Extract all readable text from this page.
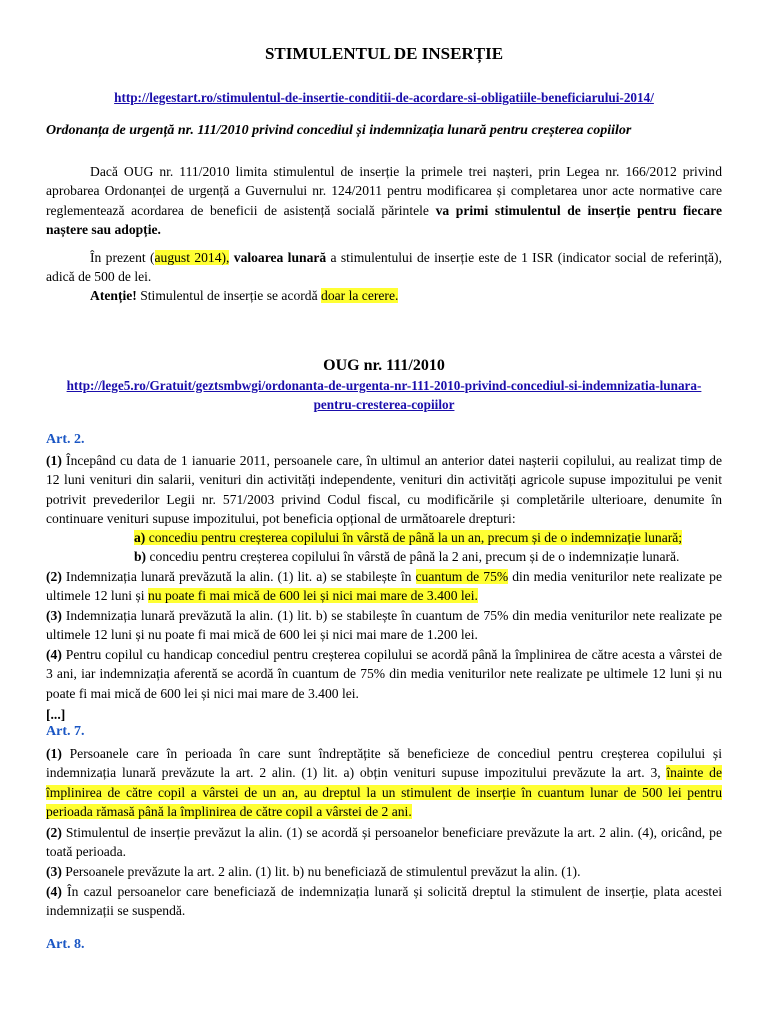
STIMULENTUL DE INSERȚIE
http://legestart.ro/stimulentul-de-insertie-conditii-de-acordare-si-obligatiile-beneficiarului-2014/
Ordonanța de urgență nr. 111/2010 privind concediul și indemnizația lunară pentru creșterea copiilor
Dacă OUG nr. 111/2010 limita stimulentul de inserție la primele trei nașteri, prin Legea nr. 166/2012 privind aprobarea Ordonanței de urgență a Guvernului nr. 124/2011 pentru modificarea și completarea unor acte normative care reglementează acordarea de beneficii de asistență socială părintele va primi stimulentul de inserție pentru fiecare naștere sau adopție.
În prezent (august 2014), valoarea lunară a stimulentului de inserție este de 1 ISR (indicator social de referință), adică de 500 de lei.
Atenție! Stimulentul de inserție se acordă doar la cerere.
OUG nr. 111/2010
http://lege5.ro/Gratuit/geztsmbwgi/ordonanta-de-urgenta-nr-111-2010-privind-concediul-si-indemnizatia-lunara-pentru-cresterea-copiilor
Art. 2.
(1) Începând cu data de 1 ianuarie 2011, persoanele care, în ultimul an anterior datei nașterii copilului, au realizat timp de 12 luni venituri din salarii, venituri din activități independente, venituri din activități agricole supuse impozitului pe venit potrivit prevederilor Legii nr. 571/2003 privind Codul fiscal, cu modificările și completările ulterioare, denumite în continuare venituri supuse impozitului, pot beneficia opțional de următoarele drepturi:
a) concediu pentru creșterea copilului în vârstă de până la un an, precum și de o indemnizație lunară;
b) concediu pentru creșterea copilului în vârstă de până la 2 ani, precum și de o indemnizație lunară.
(2) Indemnizația lunară prevăzută la alin. (1) lit. a) se stabilește în cuantum de 75% din media veniturilor nete realizate pe ultimele 12 luni și nu poate fi mai mică de 600 lei și nici mai mare de 3.400 lei.
(3) Indemnizația lunară prevăzută la alin. (1) lit. b) se stabilește în cuantum de 75% din media veniturilor nete realizate pe ultimele 12 luni și nu poate fi mai mică de 600 lei și nici mai mare de 1.200 lei.
(4) Pentru copilul cu handicap concediul pentru creșterea copilului se acordă până la împlinirea de către acesta a vârstei de 3 ani, iar indemnizația aferentă se acordă în cuantum de 75% din media veniturilor nete realizate pe ultimele 12 luni și nu poate fi mai mică de 600 lei și nici mai mare de 3.400 lei.
[...]
Art. 7.
(1) Persoanele care în perioada în care sunt îndreptățite să beneficieze de concediul pentru creșterea copilului și indemnizația lunară prevăzute la art. 2 alin. (1) lit. a) obțin venituri supuse impozitului prevăzute la art. 3, înainte de împlinirea de către copil a vârstei de un an, au dreptul la un stimulent de inserție în cuantum lunar de 500 lei pentru perioada rămasă până la împlinirea de către copil a vârstei de 2 ani.
(2) Stimulentul de inserție prevăzut la alin. (1) se acordă și persoanelor beneficiare prevăzute la art. 2 alin. (4), oricând, pe toată perioada.
(3) Persoanele prevăzute la art. 2 alin. (1) lit. b) nu beneficiază de stimulentul prevăzut la alin. (1).
(4) În cazul persoanelor care beneficiază de indemnizația lunară și solicită dreptul la stimulent de inserție, plata acestei indemnizații se suspendă.
Art. 8.
